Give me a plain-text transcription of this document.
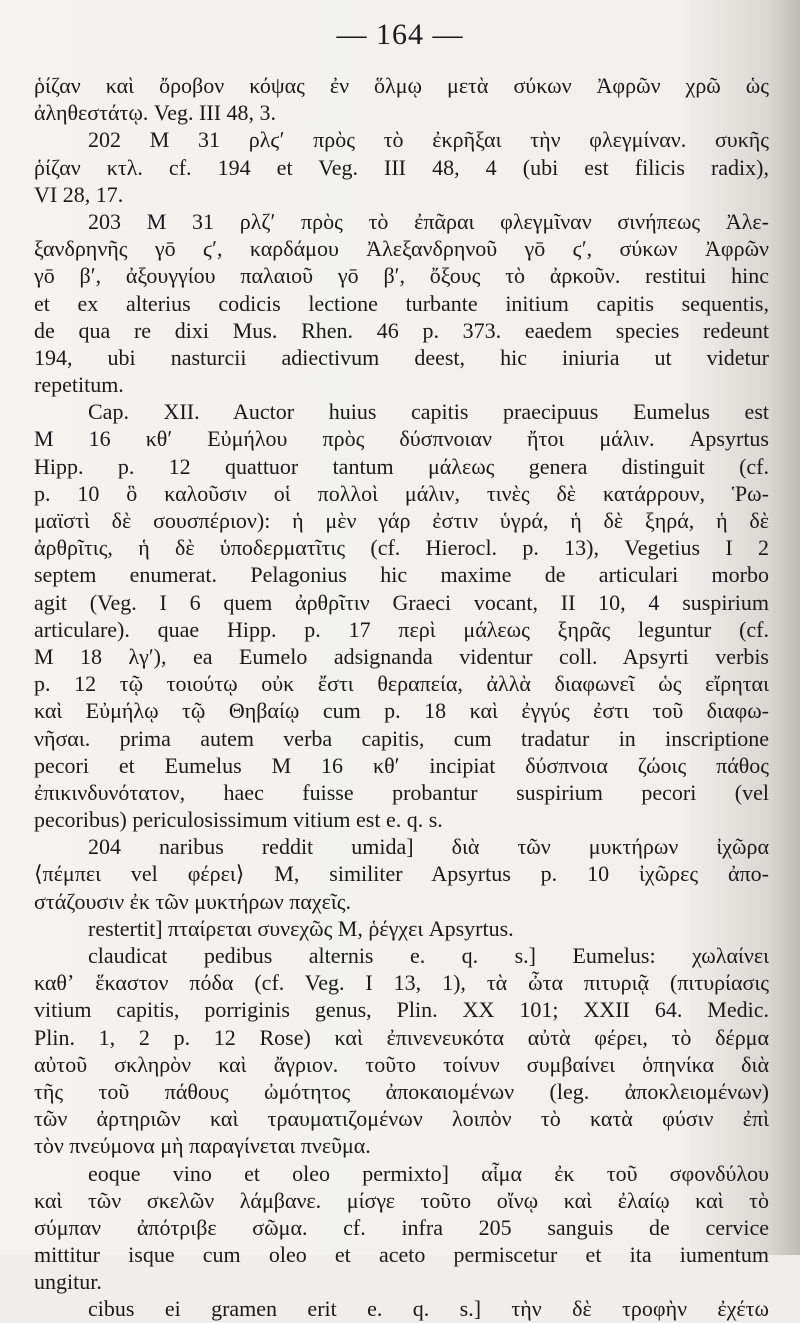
— 164 —
ῥίζαν καὶ ὄροβον κόψας ἐν ὅλμῳ μετὰ σύκων Ἀφρῶν χρῶ ὡς
ἀληθεστάτῳ. Veg. III 48, 3.
202 M 31 ρλϛʹ πρὸς τὸ ἐκρῆξαι τὴν φλεγμίναν. συκῆς
ῥίζαν κτλ. cf. 194 et Veg. III 48, 4 (ubi est filicis radix),
VI 28, 17.
203 M 31 ρλζʹ πρὸς τὸ ἐπᾶραι φλεγμῖναν σινήπεως Ἀλε-
ξανδρηνῆς γō ϛʹ, καρδάμου Ἀλεξανδρηνοῦ γō ϛʹ, σύκων Ἀφρῶν
γō βʹ, ἀξουγγίου παλαιοῦ γō βʹ, ὄξους τὸ ἀρκοῦν. restitui hinc
et ex alterius codicis lectione turbante initium capitis sequentis,
de qua re dixi Mus. Rhen. 46 p. 373. eaedem species redeunt
194, ubi nasturcii adiectivum deest, hic iniuria ut videtur
repetitum.
Cap. XII. Auctor huius capitis praecipuus Eumelus est
M 16 κθʹ Εὐμήλου πρὸς δύσπνοιαν ἤτοι μάλιν. Apsyrtus
Hipp. p. 12 quattuor tantum μάλεως genera distinguit (cf.
p. 10 ὃ καλοῦσιν οἱ πολλοὶ μάλιν, τινὲς δὲ κατάρρουν, Ῥω-
μαϊστὶ δὲ σουσπέριον): ἡ μὲν γάρ ἐστιν ὑγρά, ἡ δὲ ξηρά, ἡ δὲ
ἀρθρῖτις, ἡ δὲ ὑποδερματῖτις (cf. Hierocl. p. 13), Vegetius I 2
septem enumerat. Pelagonius hic maxime de articulari morbo
agit (Veg. I 6 quem ἀρθρῖτιν Graeci vocant, II 10, 4 suspirium
articulare). quae Hipp. p. 17 περὶ μάλεως ξηρᾶς leguntur (cf.
M 18 λγʹ), ea Eumelo adsignanda videntur coll. Apsyrti verbis
p. 12 τῷ τοιούτῳ οὐκ ἔστι θεραπεία, ἀλλὰ διαφωνεῖ ὡς εἴρηται
καὶ Εὐμήλῳ τῷ Θηβαίῳ cum p. 18 καὶ ἐγγύς ἐστι τοῦ διαφω-
νῆσαι. prima autem verba capitis, cum tradatur in inscriptione
pecori et Eumelus M 16 κθʹ incipiat δύσπνοια ζώοις πάθος
ἐπικινδυνότατον, haec fuisse probantur suspirium pecori (vel
pecoribus) periculosissimum vitium est e. q. s.
204 naribus reddit umida] διὰ τῶν μυκτήρων ἰχῶρα
⟨πέμπει vel φέρει⟩ M, similiter Apsyrtus p. 10 ἰχῶρες ἀπο-
στάζουσιν ἐκ τῶν μυκτήρων παχεῖς.
restertit] πταίρεται συνεχῶς M, ῥέγχει Apsyrtus.
claudicat pedibus alternis e. q. s.] Eumelus: χωλαίνει
καθʼ ἕκαστον πόδα (cf. Veg. I 13, 1), τὰ ὦτα πιτυριᾷ (πιτυρίασις
vitium capitis, porriginis genus, Plin. XX 101; XXII 64. Medic.
Plin. 1, 2 p. 12 Rose) καὶ ἐπινενευκότα αὐτὰ φέρει, τὸ δέρμα
αὐτοῦ σκληρὸν καὶ ἄγριον. τοῦτο τοίνυν συμβαίνει ὁπηνίκα διὰ
τῆς τοῦ πάθους ὠμότητος ἀποκαιομένων (leg. ἀποκλειομένων)
τῶν ἀρτηριῶν καὶ τραυματιζομένων λοιπὸν τὸ κατὰ φύσιν ἐπὶ
τὸν πνεύμονα μὴ παραγίνεται πνεῦμα.
eoque vino et oleo permixto] αἷμα ἐκ τοῦ σφονδύλου
καὶ τῶν σκελῶν λάμβανε. μίσγε τοῦτο οἴνῳ καὶ ἐλαίῳ καὶ τὸ
σύμπαν ἀπότριβε σῶμα. cf. infra 205 sanguis de cervice
mittitur isque cum oleo et aceto permiscetur et ita iumentum
ungitur.
cibus ei gramen erit e. q. s.] τὴν δὲ τροφὴν ἐχέτω
